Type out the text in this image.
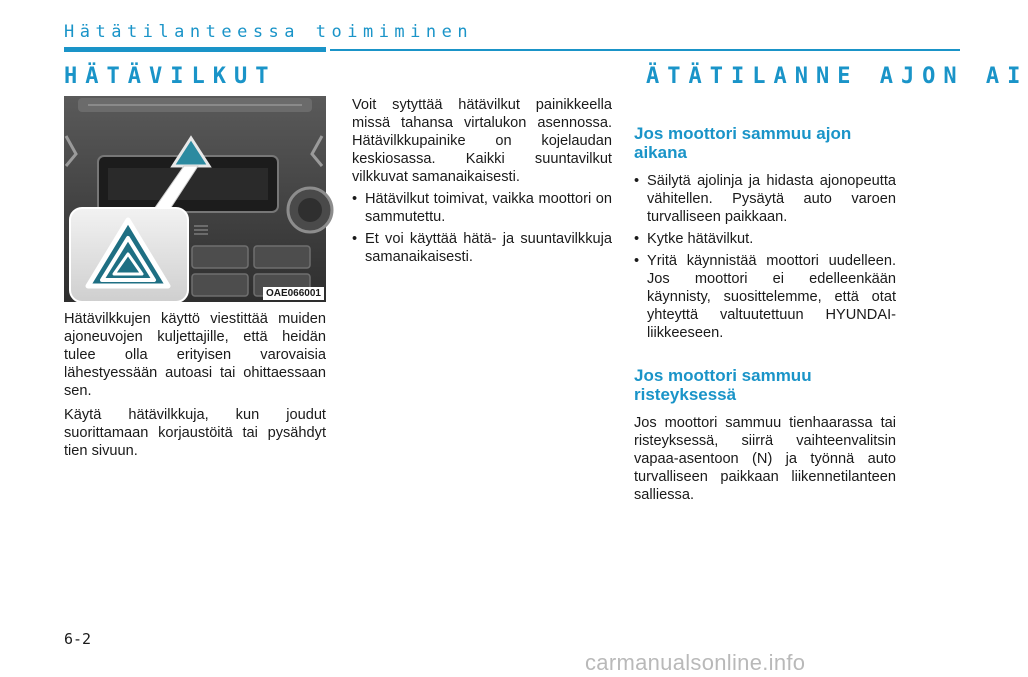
Hätätilanteessa toimiminen
HÄTÄVILKUT	ÄTÄTILANNE AJON AI
OAE066001

Hätävilkkujen käyttö viestittää muiden ajoneuvojen kuljettajille, että heidän tulee olla erityisen varovaisia lähestyessään autoasi tai ohittaessaan sen.

Käytä hätävilkkuja, kun joudut suorittamaan korjaustöitä tai pysähdyt tien sivuun.

Voit sytyttää hätävilkut painikkeella missä tahansa virtalukon asennossa. Hätävilkkupainike on kojelaudan keskiosassa. Kaikki suuntavilkut vilkkuvat samanaikaisesti.

• Hätävilkut toimivat, vaikka moottori on sammutettu.
• Et voi käyttää hätä- ja suuntavilkkuja samanaikaisesti.
Jos moottori sammuu ajon aikana
• Säilytä ajolinja ja hidasta ajonopeutta vähitellen. Pysäytä auto varoen turvalliseen paikkaan.
• Kytke hätävilkut.
• Yritä käynnistää moottori uudelleen. Jos moottori ei edelleenkään käynnisty, suosittelemme, että otat yhteyttä valtuutettuun HYUNDAI-liikkeeseen.
Jos moottori sammuu risteyksessä

Jos moottori sammuu tienhaarassa tai risteyksessä, siirrä vaihteenvalitsin vapaa-asentoon (N) ja työnnä auto turvalliseen paikkaan liikennetilanteen salliessa.

6-2
carmanualsonline.info
